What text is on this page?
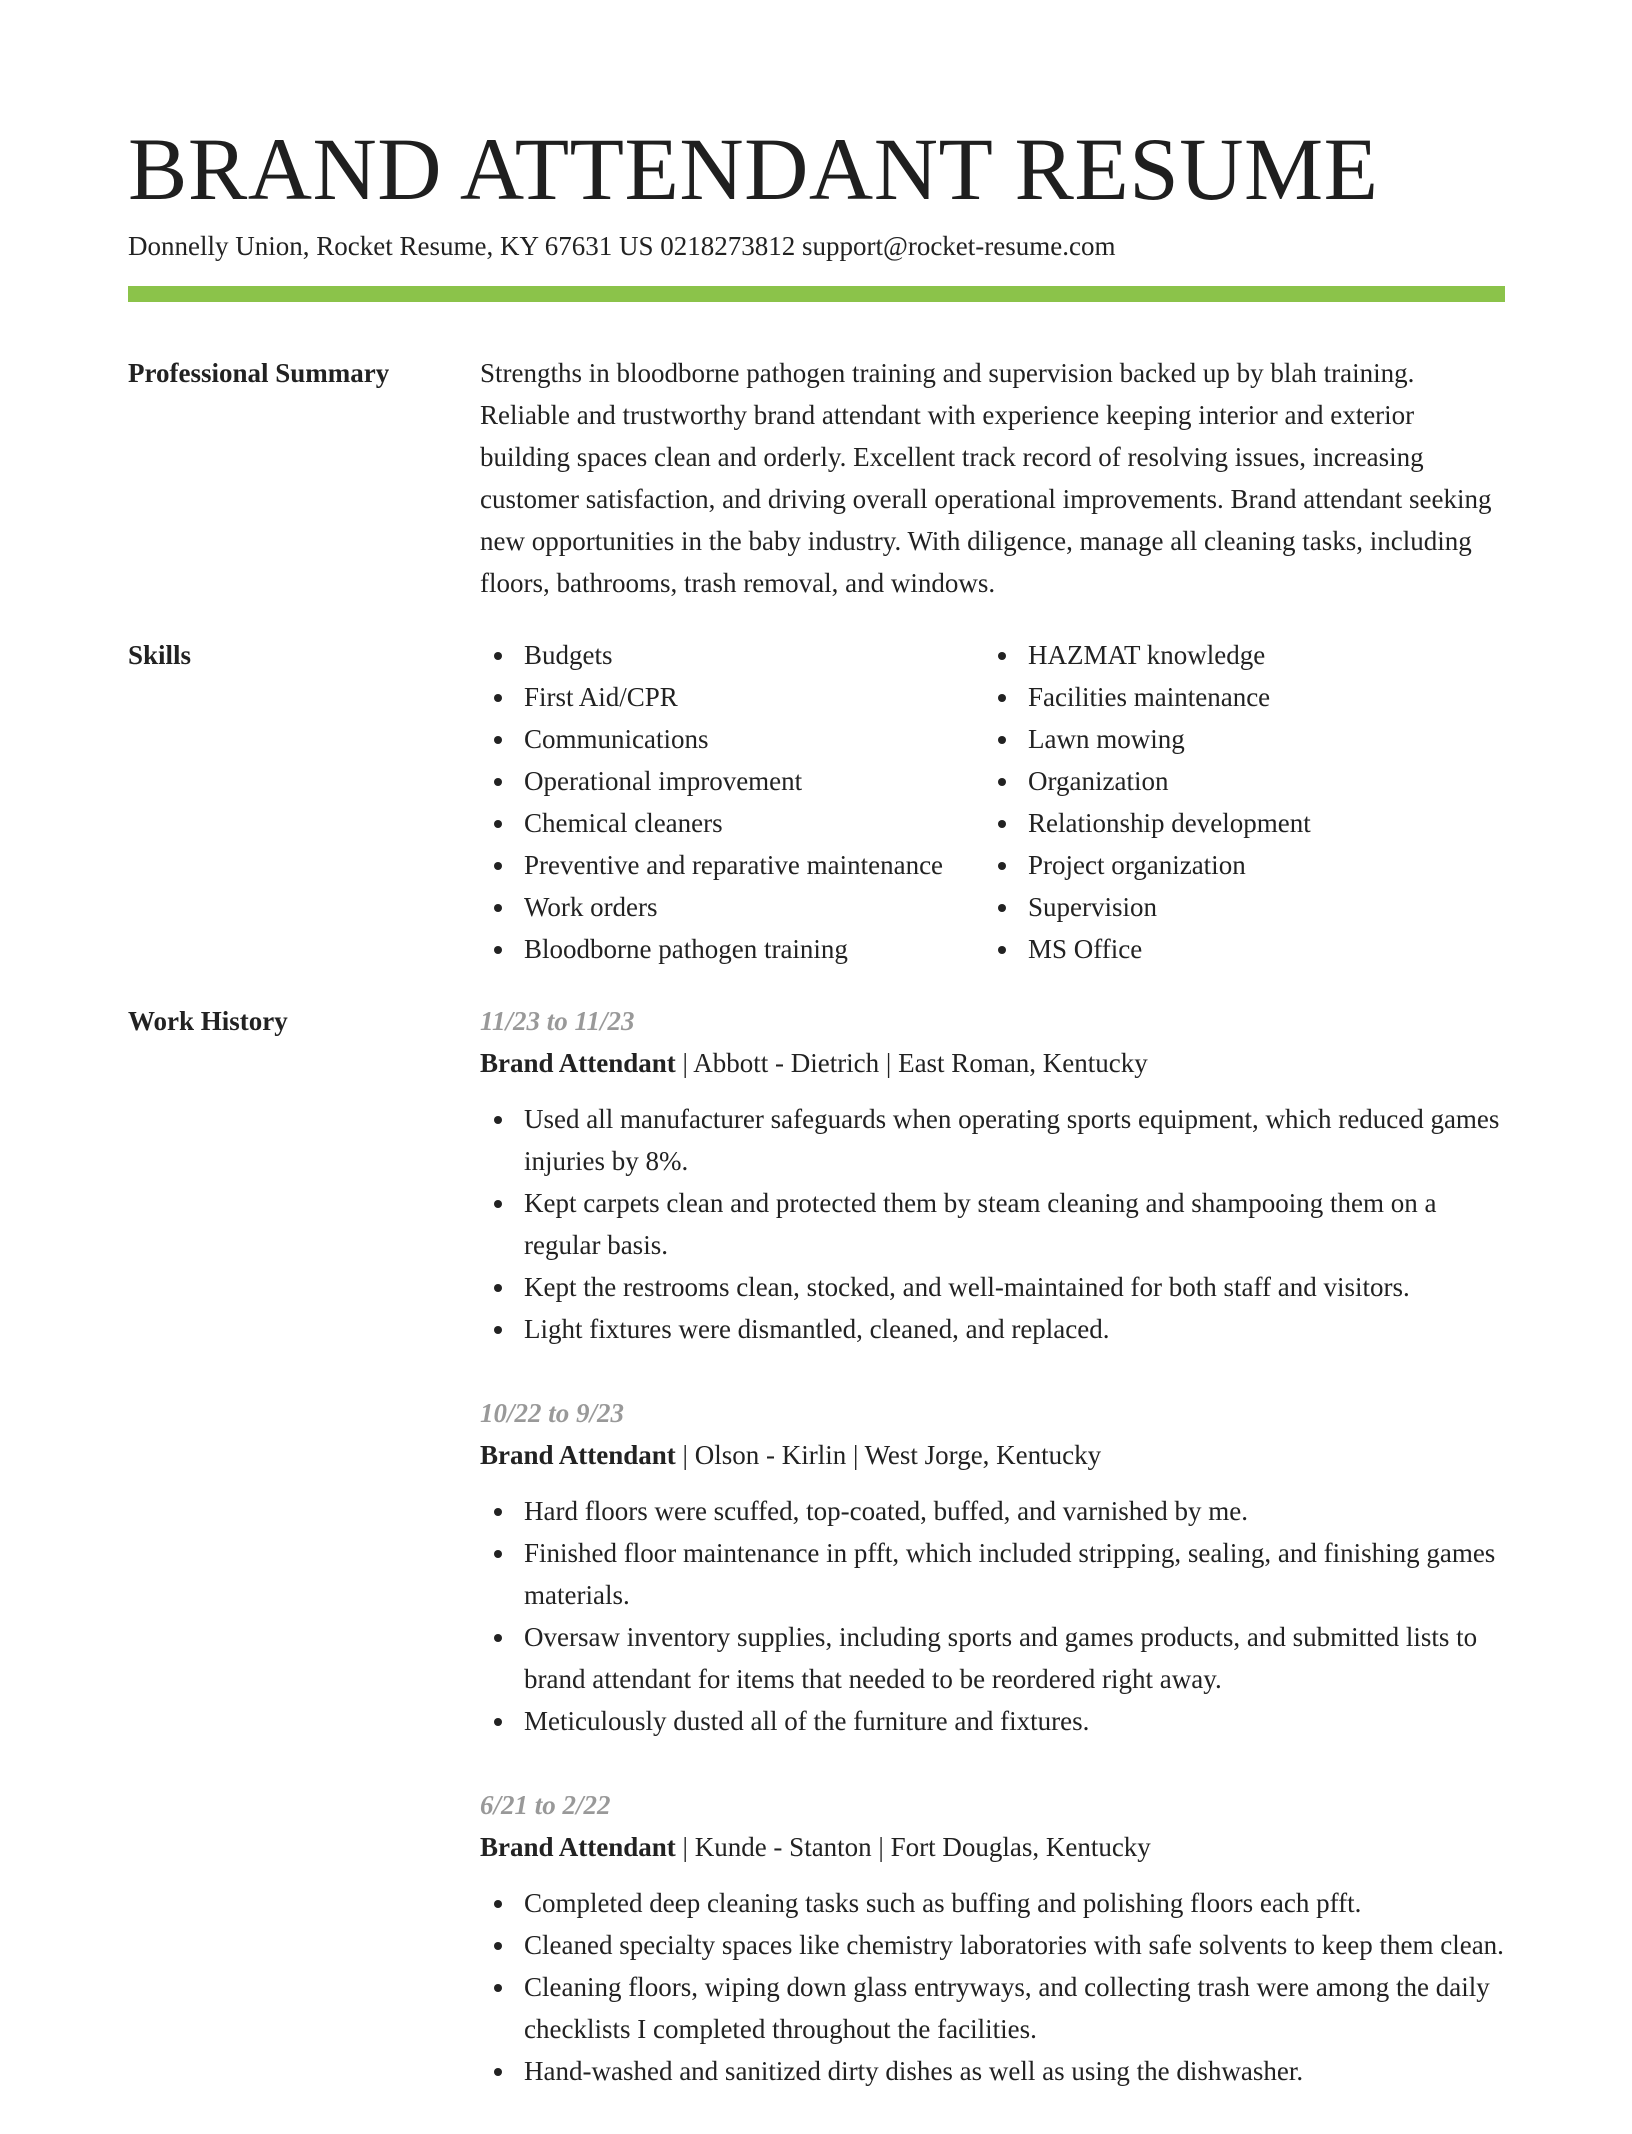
BRAND ATTENDANT RESUME
Donnelly Union, Rocket Resume, KY 67631 US 0218273812 support@rocket-resume.com
Professional Summary	Strengths in bloodborne pathogen training and supervision backed up by blah training. Reliable and trustworthy brand attendant with experience keeping interior and exterior building spaces clean and orderly. Excellent track record of resolving issues, increasing customer satisfaction, and driving overall operational improvements. Brand attendant seeking new opportunities in the baby industry. With diligence, manage all cleaning tasks, including floors, bathrooms, trash removal, and windows.

Skills	Budgets
First Aid/CPR
Communications
Operational improvement
Chemical cleaners
Preventive and reparative maintenance
Work orders
Bloodborne pathogen training
HAZMAT knowledge
Facilities maintenance
Lawn mowing
Organization
Relationship development
Project organization
Supervision
MS Office
Work History	11/23 to 11/23
Brand Attendant | Abbott - Dietrich | East Roman, Kentucky
Used all manufacturer safeguards when operating sports equipment, which reduced games injuries by 8%.
Kept carpets clean and protected them by steam cleaning and shampooing them on a regular basis.
Kept the restrooms clean, stocked, and well-maintained for both staff and visitors.
Light fixtures were dismantled, cleaned, and replaced.
10/22 to 9/23
Brand Attendant | Olson - Kirlin | West Jorge, Kentucky
Hard floors were scuffed, top-coated, buffed, and varnished by me.
Finished floor maintenance in pfft, which included stripping, sealing, and finishing games materials.
Oversaw inventory supplies, including sports and games products, and submitted lists to brand attendant for items that needed to be reordered right away.
Meticulously dusted all of the furniture and fixtures.
6/21 to 2/22
Brand Attendant | Kunde - Stanton | Fort Douglas, Kentucky
Completed deep cleaning tasks such as buffing and polishing floors each pfft.
Cleaned specialty spaces like chemistry laboratories with safe solvents to keep them clean.
Cleaning floors, wiping down glass entryways, and collecting trash were among the daily checklists I completed throughout the facilities.
Hand-washed and sanitized dirty dishes as well as using the dishwasher.
